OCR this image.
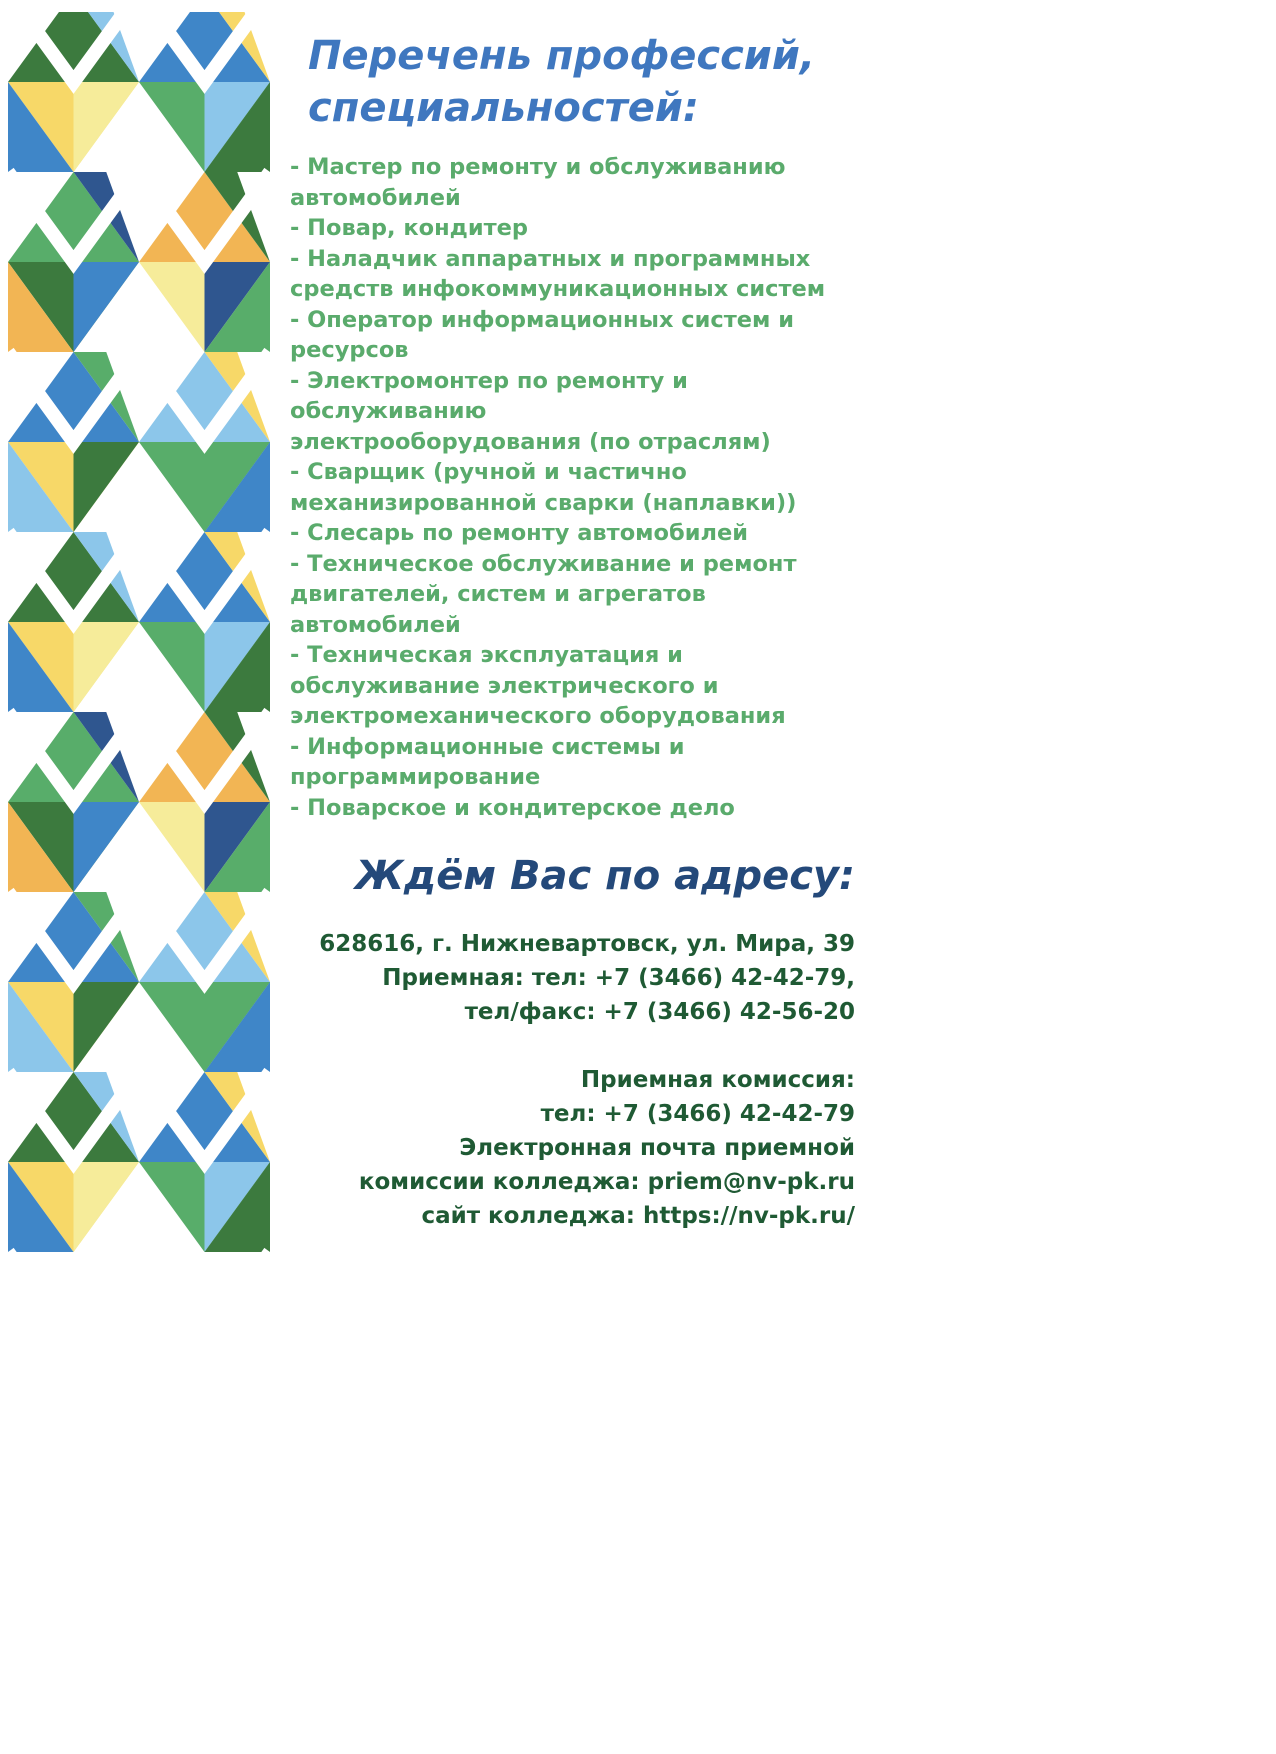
Перечень профессий,
специальностей:
- Мастер по ремонту и обслуживанию
автомобилей
- Повар, кондитер
- Наладчик аппаратных и программных
средств инфокоммуникационных систем
- Оператор информационных систем и
ресурсов
- Электромонтер по ремонту и
обслуживанию
электрооборудования (по отраслям)
- Сварщик (ручной и частично
механизированной сварки (наплавки))
- Слесарь по ремонту автомобилей
- Техническое обслуживание и ремонт
двигателей, систем и агрегатов
автомобилей
- Техническая эксплуатация и
обслуживание электрического и
электромеханического оборудования
- Информационные системы и
программирование
- Поварское и кондитерское дело
Ждём Вас по адресу:
628616, г. Нижневартовск, ул. Мира, 39
Приемная: тел: +7 (3466) 42-42-79,
тел/факс: +7 (3466) 42-56-20
Приемная комиссия:
тел: +7 (3466) 42-42-79
Электронная почта приемной
комиссии колледжа: priem@nv-pk.ru
сайт колледжа: https://nv-pk.ru/
